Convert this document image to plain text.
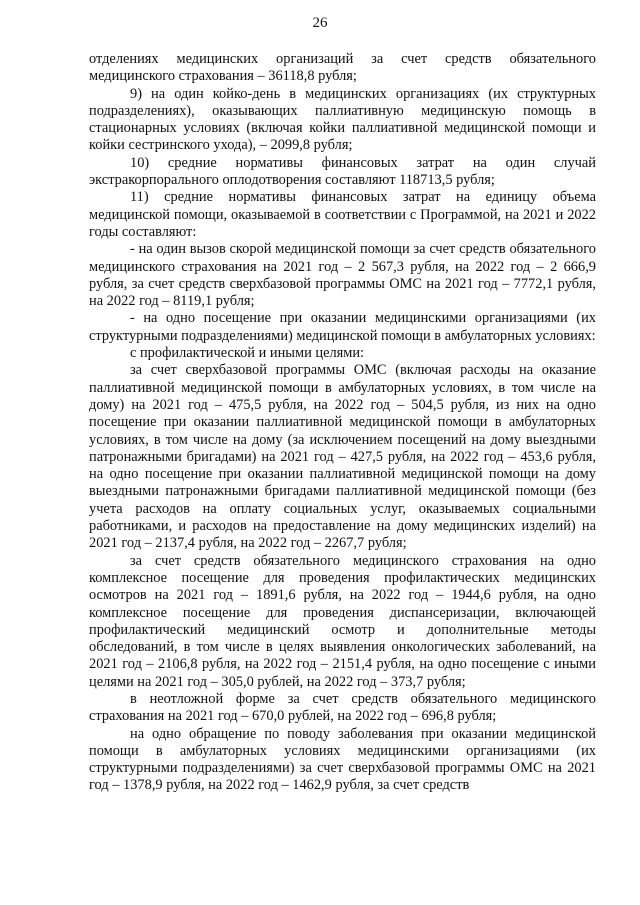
26

отделениях медицинских организаций за счет средств обязательного медицинского страхования – 36118,8 рубля;

9) на один койко-день в медицинских организациях (их структурных подразделениях), оказывающих паллиативную медицинскую помощь в стационарных условиях (включая койки паллиативной медицинской помощи и койки сестринского ухода), – 2099,8 рубля;

10) средние нормативы финансовых затрат на один случай экстракорпорального оплодотворения составляют 118713,5 рубля;

11) средние нормативы финансовых затрат на единицу объема медицинской помощи, оказываемой в соответствии с Программой, на 2021 и 2022 годы составляют:

- на один вызов скорой медицинской помощи за счет средств обязательного медицинского страхования на 2021 год – 2 567,3 рубля, на 2022 год – 2 666,9 рубля, за счет средств сверхбазовой программы ОМС на 2021 год – 7772,1 рубля, на 2022 год – 8119,1 рубля;

- на одно посещение при оказании медицинскими организациями (их структурными подразделениями) медицинской помощи в амбулаторных условиях:

с профилактической и иными целями:

за счет сверхбазовой программы ОМС (включая расходы на оказание паллиативной медицинской помощи в амбулаторных условиях, в том числе на дому) на 2021 год – 475,5 рубля, на 2022 год – 504,5 рубля, из них на одно посещение при оказании паллиативной медицинской помощи в амбулаторных условиях, в том числе на дому (за исключением посещений на дому выездными патронажными бригадами) на 2021 год – 427,5 рубля, на 2022 год – 453,6 рубля, на одно посещение при оказании паллиативной медицинской помощи на дому выездными патронажными бригадами паллиативной медицинской помощи (без учета расходов на оплату социальных услуг, оказываемых социальными работниками, и расходов на предоставление на дому медицинских изделий) на 2021 год – 2137,4 рубля, на 2022 год – 2267,7 рубля;

за счет средств обязательного медицинского страхования на одно комплексное посещение для проведения профилактических медицинских осмотров на 2021 год – 1891,6 рубля, на 2022 год – 1944,6 рубля, на одно комплексное посещение для проведения диспансеризации, включающей профилактический медицинский осмотр и дополнительные методы обследований, в том числе в целях выявления онкологических заболеваний, на 2021 год – 2106,8 рубля, на 2022 год – 2151,4 рубля, на одно посещение с иными целями на 2021 год – 305,0 рублей, на 2022 год – 373,7 рубля;

в неотложной форме за счет средств обязательного медицинского страхования на 2021 год – 670,0 рублей, на 2022 год – 696,8 рубля;

на одно обращение по поводу заболевания при оказании медицинской помощи в амбулаторных условиях медицинскими организациями (их структурными подразделениями) за счет сверхбазовой программы ОМС на 2021 год – 1378,9 рубля, на 2022 год – 1462,9 рубля, за счет средств
